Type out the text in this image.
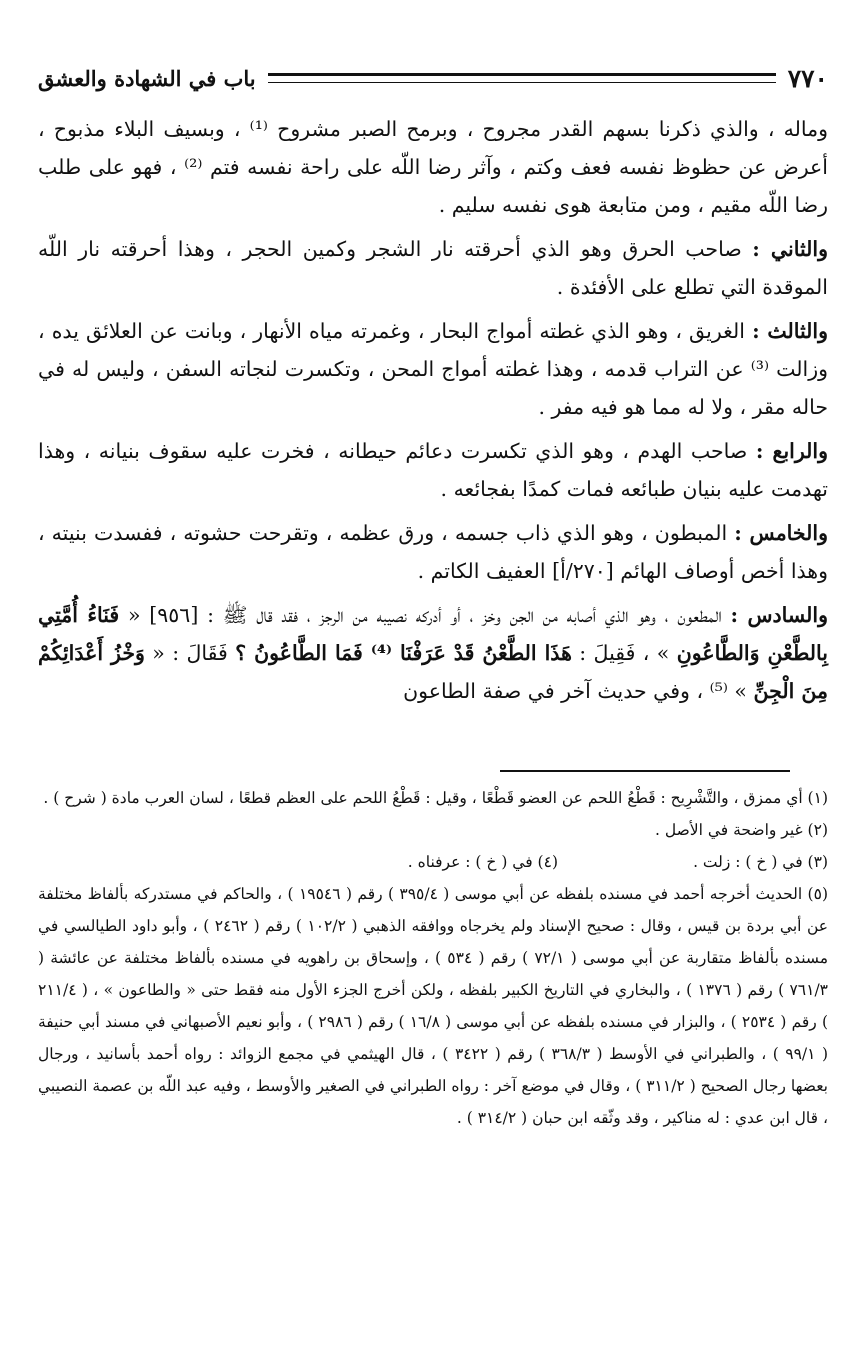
٧٧٠
باب في الشهادة والعشق

وماله ، والذي ذكرنا بسهم القدر مجروح ، وبرمح الصبر مشروح ⁽¹⁾ ، وبسيف البلاء مذبوح ، أعرض عن حظوظ نفسه فعف وكتم ، وآثر رضا اللّه على راحة نفسه فتم ⁽²⁾ ، فهو على طلب رضا اللّه مقيم ، ومن متابعة هوى نفسه سليم .

والثاني : صاحب الحرق وهو الذي أحرقته نار الشجر وكمين الحجر ، وهذا أحرقته نار اللّه الموقدة التي تطلع على الأفئدة .

والثالث : الغريق ، وهو الذي غطته أمواج البحار ، وغمرته مياه الأنهار ، وبانت عن العلائق يده ، وزالت ⁽³⁾ عن التراب قدمه ، وهذا غطته أمواج المحن ، وتكسرت لنجاته السفن ، وليس له في حاله مقر ، ولا له مما هو فيه مفر .

والرابع : صاحب الهدم ، وهو الذي تكسرت دعائم حيطانه ، فخرت عليه سقوف بنيانه ، وهذا تهدمت عليه بنيان طبائعه فمات كمدًا بفجائعه .

والخامس : المبطون ، وهو الذي ذاب جسمه ، ورق عظمه ، وتقرحت حشوته ، ففسدت بنيته ، وهذا أخص أوصاف الهائم [٢٧٠/أ] العفيف الكاتم .

والسادس : المطعون ، وهو الذي أصابه من الجن وخز ، أو أدركه نصيبه من الرجز ، فقد قال ﷺ : [٩٥٦] « فَنَاءُ أُمَّتِي بِالطَّعْنِ وَالطَّاعُونِ » ، فَقِيلَ : هَذَا الطَّعْنُ قَدْ عَرَفْنَا ⁽⁴⁾ فَمَا الطَّاعُونُ ؟ فَقَالَ : « وَخْزُ أَعْدَائِكُمْ مِنَ الْجِنِّ » ⁽⁵⁾ ، وفي حديث آخر في صفة الطاعون

(١) أي ممزق ، والتَّشْرِيح : قَطْعُ اللحم عن العضو قَطْعًا ، وقيل : قَطْعُ اللحم على العظم قطعًا ، لسان العرب مادة ( شرح ) .

(٢) غير واضحة في الأصل .

(٣) في ( خ ) : زلت .
(٤) في ( خ ) : عرفناه .

(٥) الحديث أخرجه أحمد في مسنده بلفظه عن أبي موسى ( ٣٩٥/٤ ) رقم ( ١٩٥٤٦ ) ، والحاكم في مستدركه بألفاظ مختلفة عن أبي بردة بن قيس ، وقال : صحيح الإسناد ولم يخرجاه ووافقه الذهبي ( ١٠٢/٢ ) رقم ( ٢٤٦٢ ) ، وأبو داود الطيالسي في مسنده بألفاظ متقاربة عن أبي موسى ( ٧٢/١ ) رقم ( ٥٣٤ ) ، وإسحاق بن راهويه في مسنده بألفاظ مختلفة عن عائشة ( ٧٦١/٣ ) رقم ( ١٣٧٦ ) ، والبخاري في التاريخ الكبير بلفظه ، ولكن أخرج الجزء الأول منه فقط حتى « والطاعون » ، ( ٢١١/٤ ) رقم ( ٢٥٣٤ ) ، والبزار في مسنده بلفظه عن أبي موسى ( ١٦/٨ ) رقم ( ٢٩٨٦ ) ، وأبو نعيم الأصبهاني في مسند أبي حنيفة ( ٩٩/١ ) ، والطبراني في الأوسط ( ٣٦٨/٣ ) رقم ( ٣٤٢٢ ) ، قال الهيثمي في مجمع الزوائد : رواه أحمد بأسانيد ، ورجال بعضها رجال الصحيح ( ٣١١/٢ ) ، وقال في موضع آخر : رواه الطبراني في الصغير والأوسط ، وفيه عبد اللّه بن عصمة النصيبي ، قال ابن عدي : له مناكير ، وقد وثّقه ابن حبان ( ٣١٤/٢ ) .
